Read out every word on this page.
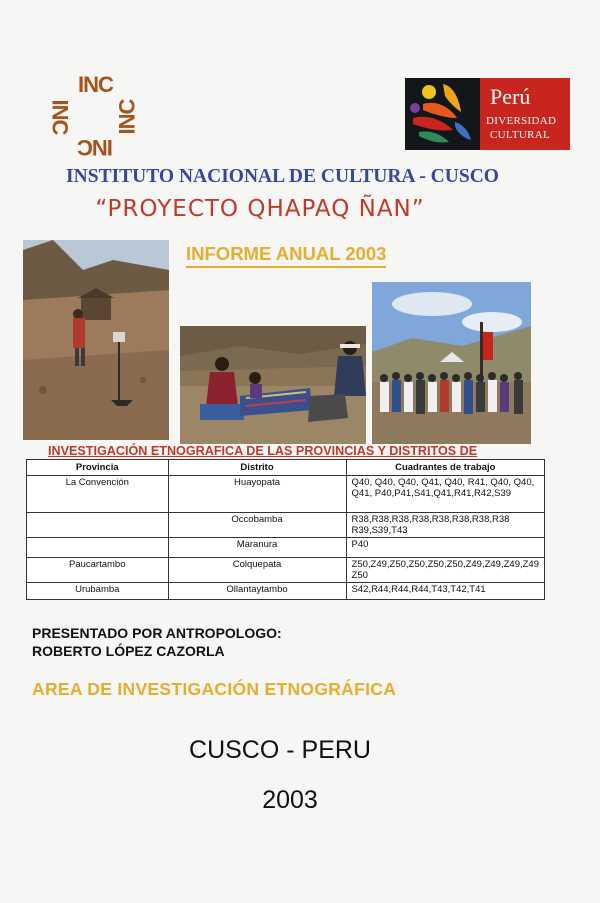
INC
INC INC
INC
Perú
DIVERSIDAD
CULTURAL
INSTITUTO NACIONAL DE CULTURA - CUSCO
“PROYECTO QHAPAQ ÑAN”
INFORME ANUAL 2003
INVESTIGACIÓN ETNOGRAFICA DE LAS PROVINCIAS Y DISTRITOS DE
Provincia	Distrito	Cuadrantes de trabajo
La Convención	Huayopata	Q40, Q40, Q40, Q41, Q40, R41, Q40, Q40, Q41, P40,P41,S41,Q41,R41,R42,S39
	Occobamba	R38,R38,R38,R38,R38,R38,R38,R38 R39,S39,T43
	Maranura	P40
Paucartambo	Colquepata	Z50,Z49,Z50,Z50,Z50,Z50,Z49,Z49,Z49,Z49 Z50
Urubamba	Ollantaytambo	S42,R44,R44,R44,T43,T42,T41
PRESENTADO POR ANTROPOLOGO:
ROBERTO LÓPEZ CAZORLA
AREA DE INVESTIGACIÓN ETNOGRÁFICA
CUSCO - PERU
2003
